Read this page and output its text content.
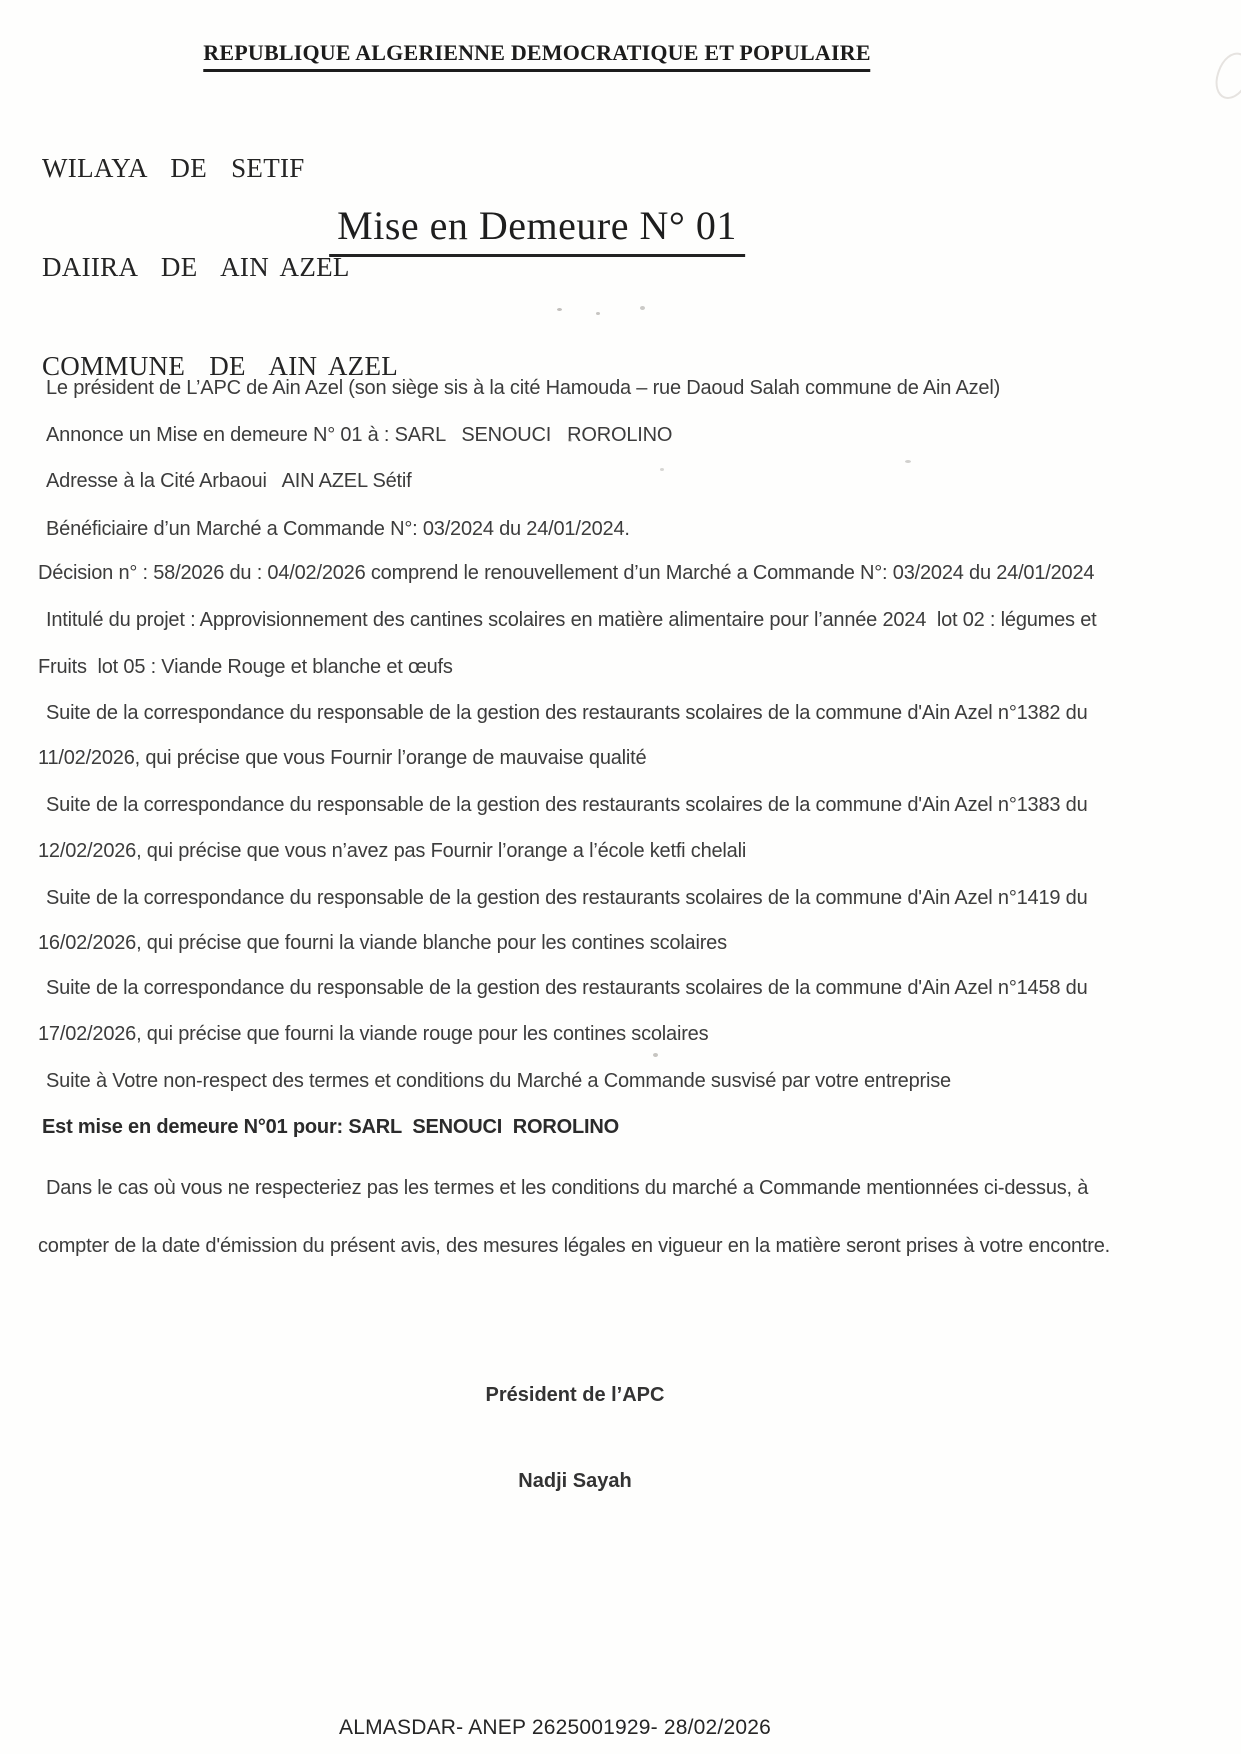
REPUBLIQUE ALGERIENNE DEMOCRATIQUE ET POPULAIRE

WILAYA  DE  SETIF

DAIIRA  DE  AIN AZEL

COMMUNE  DE  AIN AZEL

Mise en Demeure N° 01
Le président de L’APC de Ain Azel (son siège sis à la cité Hamouda – rue Daoud Salah commune de Ain Azel)
Annonce un Mise en demeure N° 01 à : SARL   SENOUCI   ROROLINO
Adresse à la Cité Arbaoui   AIN AZEL Sétif
Bénéficiaire d’un Marché a Commande N°: 03/2024 du 24/01/2024.
Décision n° : 58/2026 du : 04/02/2026 comprend le renouvellement d’un Marché a Commande N°: 03/2024 du 24/01/2024
Intitulé du projet : Approvisionnement des cantines scolaires en matière alimentaire pour l’année 2024  lot 02 : légumes et
Fruits  lot 05 : Viande Rouge et blanche et œufs
Suite de la correspondance du responsable de la gestion des restaurants scolaires de la commune d'Ain Azel n°1382 du
11/02/2026, qui précise que vous Fournir l’orange de mauvaise qualité
Suite de la correspondance du responsable de la gestion des restaurants scolaires de la commune d'Ain Azel n°1383 du
12/02/2026, qui précise que vous n’avez pas Fournir l’orange a l’école ketfi chelali
Suite de la correspondance du responsable de la gestion des restaurants scolaires de la commune d'Ain Azel n°1419 du
16/02/2026, qui précise que fourni la viande blanche pour les contines scolaires
Suite de la correspondance du responsable de la gestion des restaurants scolaires de la commune d'Ain Azel n°1458 du
17/02/2026, qui précise que fourni la viande rouge pour les contines scolaires
Suite à Votre non-respect des termes et conditions du Marché a Commande susvisé par votre entreprise
Est mise en demeure N°01 pour: SARL  SENOUCI  ROROLINO
Dans le cas où vous ne respecteriez pas les termes et les conditions du marché a Commande mentionnées ci-dessus, à
compter de la date d'émission du présent avis, des mesures légales en vigueur en la matière seront prises à votre encontre.

Président de l’APC

Nadji Sayah

ALMASDAR- ANEP 2625001929- 28/02/2026
